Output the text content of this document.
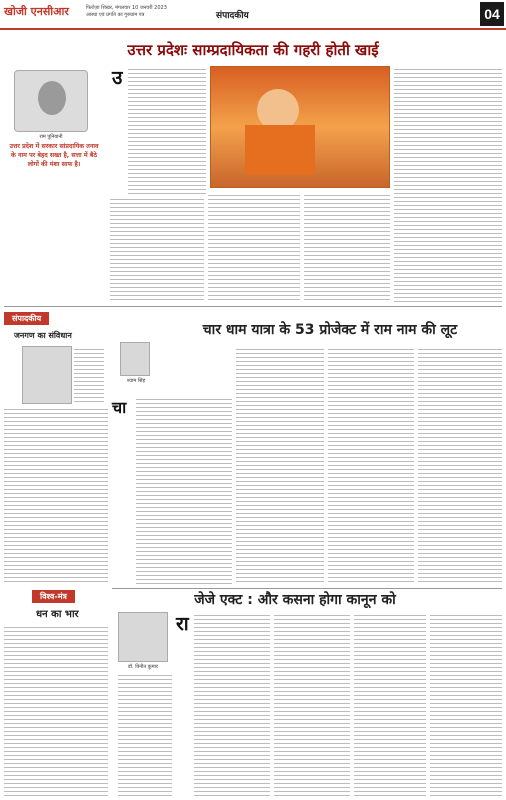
खोजी एनसीआर	फिरोज़ा शिखर, मंगलवार 10 जनवरी 2023
आस्था एवं प्रगति का गुरुग्राम पत्र	संपादकीय	04
उत्तर प्रदेशः साम्प्रदायिकता की गहरी होती खाई
राम पुनियानी
उत्तर प्रदेश में सरकार सांप्रदायिक तनाव के नाम पर बेहद सख्त है, सत्ता में बैठे लोगों की मंशा साफ है।
उ
संपादकीय
जनगण का संविधान	चार धाम यात्रा के 53 प्रोजेक्ट में राम नाम की लूट
श्याम सिंह
चा
विश्व-मंत्र
धन का भार
जेजे एक्ट : और कसना होगा कानून को
डॉ. विनीत कुमार
रा
